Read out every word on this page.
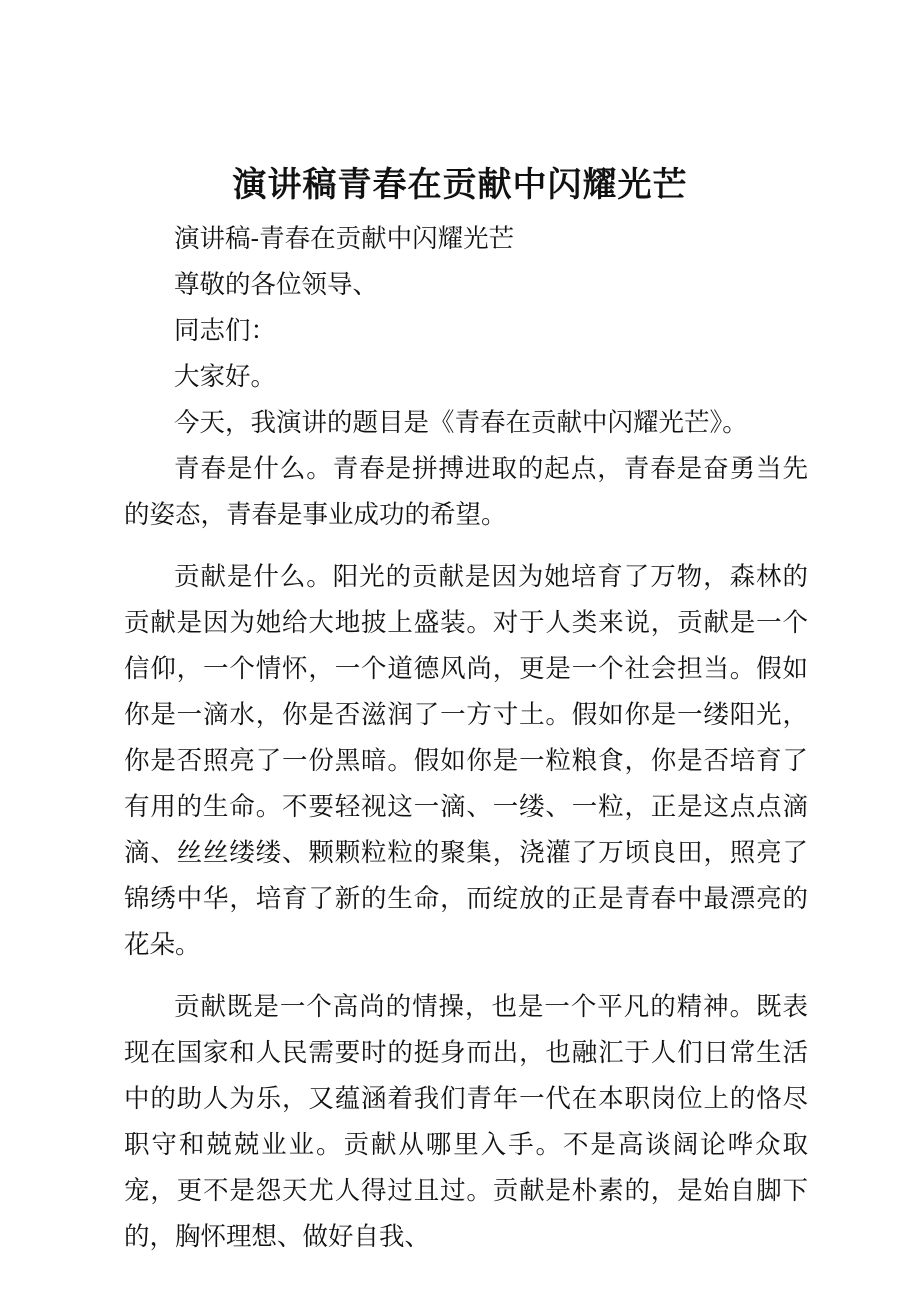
演讲稿青春在贡献中闪耀光芒

演讲稿-青春在贡献中闪耀光芒

尊敬的各位领导、

同志们：

大家好。

今天，我演讲的题目是《青春在贡献中闪耀光芒》。

青春是什么。青春是拼搏进取的起点，青春是奋勇当先的姿态，青春是事业成功的希望。

贡献是什么。阳光的贡献是因为她培育了万物，森林的贡献是因为她给大地披上盛装。对于人类来说，贡献是一个信仰，一个情怀，一个道德风尚，更是一个社会担当。假如你是一滴水，你是否滋润了一方寸土。假如你是一缕阳光，你是否照亮了一份黑暗。假如你是一粒粮食，你是否培育了有用的生命。不要轻视这一滴、一缕、一粒，正是这点点滴滴、丝丝缕缕、颗颗粒粒的聚集，浇灌了万顷良田，照亮了锦绣中华，培育了新的生命，而绽放的正是青春中最漂亮的花朵。

贡献既是一个高尚的情操，也是一个平凡的精神。既表现在国家和人民需要时的挺身而出，也融汇于人们日常生活中的助人为乐，又蕴涵着我们青年一代在本职岗位上的恪尽职守和兢兢业业。贡献从哪里入手。不是高谈阔论哗众取宠，更不是怨天尤人得过且过。贡献是朴素的，是始自脚下的，胸怀理想、做好自我、
